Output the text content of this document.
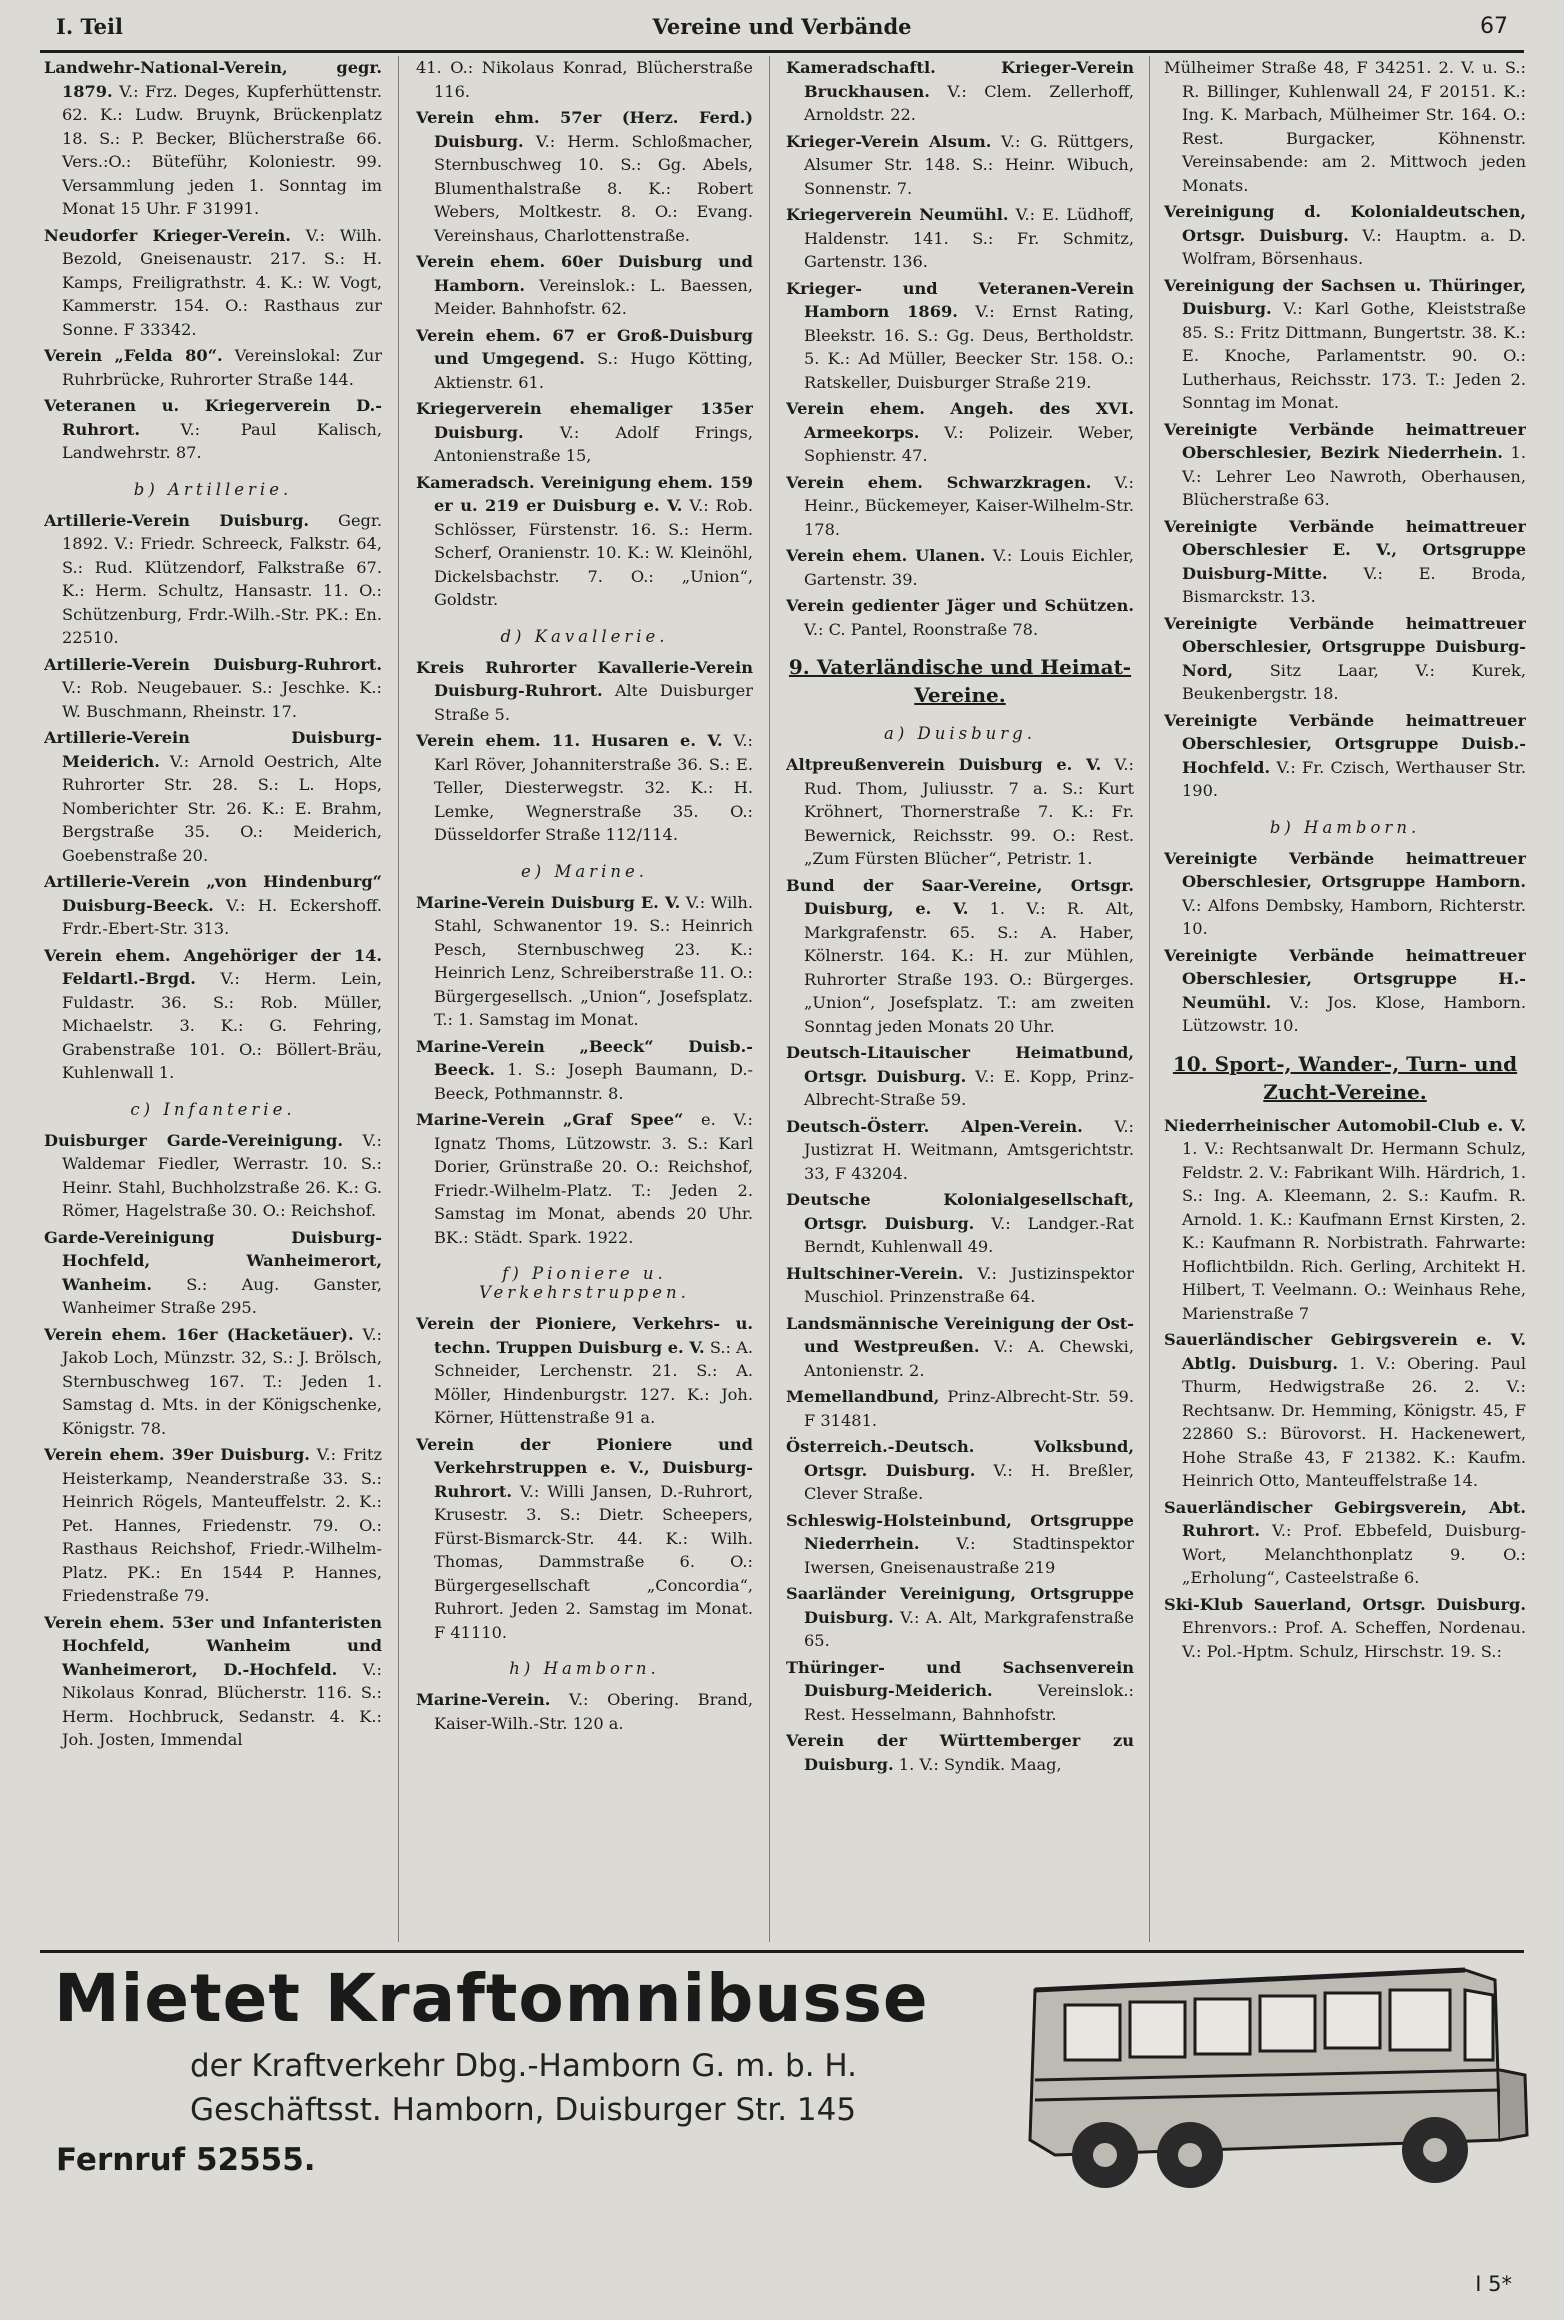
I. Teil	Vereine und Verbände	67

Landwehr-National-Verein, gegr. 1879. V.: Frz. Deges, Kupferhüttenstr. 62. K.: Ludw. Bruynk, Brückenplatz 18. S.: P. Becker, Blücherstraße 66. Vers.:O.: Büteführ, Koloniestr. 99. Versammlung jeden 1. Sonntag im Monat 15 Uhr. F 31991.

Neudorfer Krieger-Verein. V.: Wilh. Bezold, Gneisenaustr. 217. S.: H. Kamps, Freiligrathstr. 4. K.: W. Vogt, Kammerstr. 154. O.: Rasthaus zur Sonne. F 33342.

Verein „Felda 80“. Vereinslokal: Zur Ruhrbrücke, Ruhrorter Straße 144.

Veteranen u. Kriegerverein D.-Ruhrort. V.: Paul Kalisch, Landwehrstr. 87.

b) Artillerie.

Artillerie-Verein Duisburg. Gegr. 1892. V.: Friedr. Schreeck, Falkstr. 64, S.: Rud. Klützendorf, Falkstraße 67. K.: Herm. Schultz, Hansastr. 11. O.: Schützenburg, Frdr.-Wilh.-Str. PK.: En. 22510.

Artillerie-Verein Duisburg-Ruhrort. V.: Rob. Neugebauer. S.: Jeschke. K.: W. Buschmann, Rheinstr. 17.

Artillerie-Verein Duisburg-Meiderich. V.: Arnold Oestrich, Alte Ruhrorter Str. 28. S.: L. Hops, Nomberichter Str. 26. K.: E. Brahm, Bergstraße 35. O.: Meiderich, Goebenstraße 20.

Artillerie-Verein „von Hindenburg“ Duisburg-Beeck. V.: H. Eckershoff. Frdr.-Ebert-Str. 313.

Verein ehem. Angehöriger der 14. Feldartl.-Brgd. V.: Herm. Lein, Fuldastr. 36. S.: Rob. Müller, Michaelstr. 3. K.: G. Fehring, Grabenstraße 101. O.: Böllert-Bräu, Kuhlenwall 1.

c) Infanterie.

Duisburger Garde-Vereinigung. V.: Waldemar Fiedler, Werrastr. 10. S.: Heinr. Stahl, Buchholzstraße 26. K.: G. Römer, Hagelstraße 30. O.: Reichshof.

Garde-Vereinigung Duisburg-Hochfeld, Wanheimerort, Wanheim. S.: Aug. Ganster, Wanheimer Straße 295.

Verein ehem. 16er (Hacketäuer). V.: Jakob Loch, Münzstr. 32, S.: J. Brölsch, Sternbuschweg 167. T.: Jeden 1. Samstag d. Mts. in der Königschenke, Königstr. 78.

Verein ehem. 39er Duisburg. V.: Fritz Heisterkamp, Neanderstraße 33. S.: Heinrich Rögels, Manteuffelstr. 2. K.: Pet. Hannes, Friedenstr. 79. O.: Rasthaus Reichshof, Friedr.-Wilhelm-Platz. PK.: En 1544 P. Hannes, Friedenstraße 79.

Verein ehem. 53er und Infanteristen Hochfeld, Wanheim und Wanheimerort, D.-Hochfeld. V.: Nikolaus Konrad, Blücherstr. 116. S.: Herm. Hochbruck, Sedanstr. 4. K.: Joh. Josten, Immendal

41. O.: Nikolaus Konrad, Blücherstraße 116.

Verein ehm. 57er (Herz. Ferd.) Duisburg. V.: Herm. Schloßmacher, Sternbuschweg 10. S.: Gg. Abels, Blumenthalstraße 8. K.: Robert Webers, Moltkestr. 8. O.: Evang. Vereinshaus, Charlottenstraße.

Verein ehem. 60er Duisburg und Hamborn. Vereinslok.: L. Baessen, Meider. Bahnhofstr. 62.

Verein ehem. 67 er Groß-Duisburg und Umgegend. S.: Hugo Kötting, Aktienstr. 61.

Kriegerverein ehemaliger 135er Duisburg. V.: Adolf Frings, Antonienstraße 15,

Kameradsch. Vereinigung ehem. 159 er u. 219 er Duisburg e. V. V.: Rob. Schlösser, Fürstenstr. 16. S.: Herm. Scherf, Oranienstr. 10. K.: W. Kleinöhl, Dickelsbachstr. 7. O.: „Union“, Goldstr.

d) Kavallerie.

Kreis Ruhrorter Kavallerie-Verein Duisburg-Ruhrort. Alte Duisburger Straße 5.

Verein ehem. 11. Husaren e. V. V.: Karl Röver, Johanniterstraße 36. S.: E. Teller, Diesterwegstr. 32. K.: H. Lemke, Wegnerstraße 35. O.: Düsseldorfer Straße 112/114.

e) Marine.

Marine-Verein Duisburg E. V. V.: Wilh. Stahl, Schwanentor 19. S.: Heinrich Pesch, Sternbuschweg 23. K.: Heinrich Lenz, Schreiberstraße 11. O.: Bürgergesellsch. „Union“, Josefsplatz. T.: 1. Samstag im Monat.

Marine-Verein „Beeck“ Duisb.-Beeck. 1. S.: Joseph Baumann, D.-Beeck, Pothmannstr. 8.

Marine-Verein „Graf Spee“ e. V.: Ignatz Thoms, Lützowstr. 3. S.: Karl Dorier, Grünstraße 20. O.: Reichshof, Friedr.-Wilhelm-Platz. T.: Jeden 2. Samstag im Monat, abends 20 Uhr. BK.: Städt. Spark. 1922.

f) Pioniere u. Verkehrstruppen.

Verein der Pioniere, Verkehrs- u. techn. Truppen Duisburg e. V. S.: A. Schneider, Lerchenstr. 21. S.: A. Möller, Hindenburgstr. 127. K.: Joh. Körner, Hüttenstraße 91 a.

Verein der Pioniere und Verkehrstruppen e. V., Duisburg-Ruhrort. V.: Willi Jansen, D.-Ruhrort, Krusestr. 3. S.: Dietr. Scheepers, Fürst-Bismarck-Str. 44. K.: Wilh. Thomas, Dammstraße 6. O.: Bürgergesellschaft „Concordia“, Ruhrort. Jeden 2. Samstag im Monat. F 41110.

h) Hamborn.

Marine-Verein. V.: Obering. Brand, Kaiser-Wilh.-Str. 120 a.

Kameradschaftl. Krieger-Verein Bruckhausen. V.: Clem. Zellerhoff, Arnoldstr. 22.

Krieger-Verein Alsum. V.: G. Rüttgers, Alsumer Str. 148. S.: Heinr. Wibuch, Sonnenstr. 7.

Kriegerverein Neumühl. V.: E. Lüdhoff, Haldenstr. 141. S.: Fr. Schmitz, Gartenstr. 136.

Krieger- und Veteranen-Verein Hamborn 1869. V.: Ernst Rating, Bleekstr. 16. S.: Gg. Deus, Bertholdstr. 5. K.: Ad Müller, Beecker Str. 158. O.: Ratskeller, Duisburger Straße 219.

Verein ehem. Angeh. des XVI. Armeekorps. V.: Polizeir. Weber, Sophienstr. 47.

Verein ehem. Schwarzkragen. V.: Heinr., Bückemeyer, Kaiser-Wilhelm-Str. 178.

Verein ehem. Ulanen. V.: Louis Eichler, Gartenstr. 39.

Verein gedienter Jäger und Schützen. V.: C. Pantel, Roonstraße 78.

9. Vaterländische und Heimat-Vereine.
a) Duisburg.

Altpreußenverein Duisburg e. V. V.: Rud. Thom, Juliusstr. 7 a. S.: Kurt Kröhnert, Thornerstraße 7. K.: Fr. Bewernick, Reichsstr. 99. O.: Rest. „Zum Fürsten Blücher“, Petristr. 1.

Bund der Saar-Vereine, Ortsgr. Duisburg, e. V. 1. V.: R. Alt, Markgrafenstr. 65. S.: A. Haber, Kölnerstr. 164. K.: H. zur Mühlen, Ruhrorter Straße 193. O.: Bürgerges. „Union“, Josefsplatz. T.: am zweiten Sonntag jeden Monats 20 Uhr.

Deutsch-Litauischer Heimatbund, Ortsgr. Duisburg. V.: E. Kopp, Prinz-Albrecht-Straße 59.

Deutsch-Österr. Alpen-Verein. V.: Justizrat H. Weitmann, Amtsgerichtstr. 33, F 43204.

Deutsche Kolonialgesellschaft, Ortsgr. Duisburg. V.: Landger.-Rat Berndt, Kuhlenwall 49.

Hultschiner-Verein. V.: Justizinspektor Muschiol. Prinzenstraße 64.

Landsmännische Vereinigung der Ost- und Westpreußen. V.: A. Chewski, Antonienstr. 2.

Memellandbund, Prinz-Albrecht-Str. 59. F 31481.

Österreich.-Deutsch. Volksbund, Ortsgr. Duisburg. V.: H. Breßler, Clever Straße.

Schleswig-Holsteinbund, Ortsgruppe Niederrhein. V.: Stadtinspektor Iwersen, Gneisenaustraße 219

Saarländer Vereinigung, Ortsgruppe Duisburg. V.: A. Alt, Markgrafenstraße 65.

Thüringer- und Sachsenverein Duisburg-Meiderich. Vereinslok.: Rest. Hesselmann, Bahnhofstr.

Verein der Württemberger zu Duisburg. 1. V.: Syndik. Maag,

Mülheimer Straße 48, F 34251. 2. V. u. S.: R. Billinger, Kuhlenwall 24, F 20151. K.: Ing. K. Marbach, Mülheimer Str. 164. O.: Rest. Burgacker, Köhnenstr. Vereinsabende: am 2. Mittwoch jeden Monats.

Vereinigung d. Kolonialdeutschen, Ortsgr. Duisburg. V.: Hauptm. a. D. Wolfram, Börsenhaus.

Vereinigung der Sachsen u. Thüringer, Duisburg. V.: Karl Gothe, Kleiststraße 85. S.: Fritz Dittmann, Bungertstr. 38. K.: E. Knoche, Parlamentstr. 90. O.: Lutherhaus, Reichsstr. 173. T.: Jeden 2. Sonntag im Monat.

Vereinigte Verbände heimattreuer Oberschlesier, Bezirk Niederrhein. 1. V.: Lehrer Leo Nawroth, Oberhausen, Blücherstraße 63.

Vereinigte Verbände heimattreuer Oberschlesier E. V., Ortsgruppe Duisburg-Mitte. V.: E. Broda, Bismarckstr. 13.

Vereinigte Verbände heimattreuer Oberschlesier, Ortsgruppe Duisburg-Nord, Sitz Laar, V.: Kurek, Beukenbergstr. 18.

Vereinigte Verbände heimattreuer Oberschlesier, Ortsgruppe Duisb.-Hochfeld. V.: Fr. Czisch, Werthauser Str. 190.

b) Hamborn.

Vereinigte Verbände heimattreuer Oberschlesier, Ortsgruppe Hamborn. V.: Alfons Dembsky, Hamborn, Richterstr. 10.

Vereinigte Verbände heimattreuer Oberschlesier, Ortsgruppe H.-Neumühl. V.: Jos. Klose, Hamborn. Lützowstr. 10.

10. Sport-, Wander-, Turn- und Zucht-Vereine.

Niederrheinischer Automobil-Club e. V. 1. V.: Rechtsanwalt Dr. Hermann Schulz, Feldstr. 2. V.: Fabrikant Wilh. Härdrich, 1. S.: Ing. A. Kleemann, 2. S.: Kaufm. R. Arnold. 1. K.: Kaufmann Ernst Kirsten, 2. K.: Kaufmann R. Norbistrath. Fahrwarte: Hoflichtbildn. Rich. Gerling, Architekt H. Hilbert, T. Veelmann. O.: Weinhaus Rehe, Marienstraße 7

Sauerländischer Gebirgsverein e. V. Abtlg. Duisburg. 1. V.: Obering. Paul Thurm, Hedwigstraße 26. 2. V.: Rechtsanw. Dr. Hemming, Königstr. 45, F 22860 S.: Bürovorst. H. Hackenewert, Hohe Straße 43, F 21382. K.: Kaufm. Heinrich Otto, Manteuffelstraße 14.

Sauerländischer Gebirgsverein, Abt. Ruhrort. V.: Prof. Ebbefeld, Duisburg-Wort, Melanchthonplatz 9. O.: „Erholung“, Casteelstraße 6.

Ski-Klub Sauerland, Ortsgr. Duisburg. Ehrenvors.: Prof. A. Scheffen, Nordenau. V.: Pol.-Hptm. Schulz, Hirschstr. 19. S.:

Mietet Kraftomnibusse
der Kraftverkehr Dbg.-Hamborn G. m. b. H.
Geschäftsst. Hamborn, Duisburger Str. 145
Fernruf 52555.
I 5*
